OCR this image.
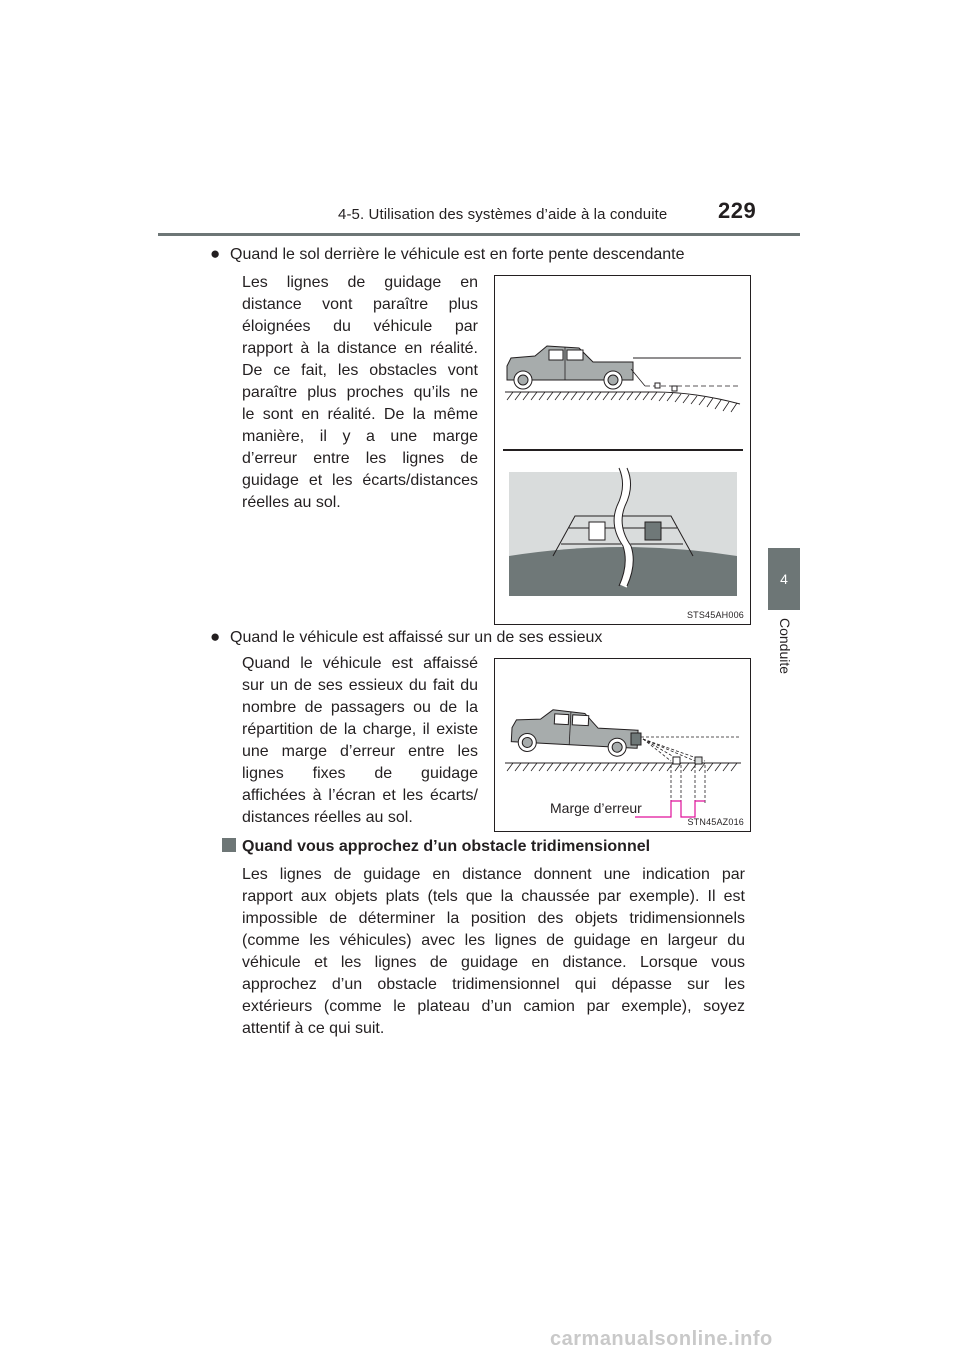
4-5. Utilisation des systèmes d’aide à la conduite 229
4
Conduite
● Quand le sol derrière le véhicule est en forte pente descendante
Les lignes de guidage en
distance vont paraître plus
éloignées du véhicule par
rapport à la distance en réalité.
De ce fait, les obstacles vont
paraître plus proches qu’ils ne
le sont en réalité. De la même
manière, il y a une marge
d’erreur entre les lignes de
guidage et les écarts/distances
réelles au sol.
STS45AH006
● Quand le véhicule est affaissé sur un de ses essieux
Quand le véhicule est affaissé
sur un de ses essieux du fait du
nombre de passagers ou de la
répartition de la charge, il existe
une marge d’erreur entre les
lignes fixes de guidage
affichées à l’écran et les écarts/
distances réelles au sol.
Marge d’erreur
STN45AZ016
Quand vous approchez d’un obstacle tridimensionnel
Les lignes de guidage en distance donnent une indication par
rapport aux objets plats (tels que la chaussée par exemple). Il est
impossible de déterminer la position des objets tridimensionnels
(comme les véhicules) avec les lignes de guidage en largeur du
véhicule et les lignes de guidage en distance. Lorsque vous
approchez d’un obstacle tridimensionnel qui dépasse sur les
extérieurs (comme le plateau d’un camion par exemple), soyez
attentif à ce qui suit.
carmanualsonline.info
